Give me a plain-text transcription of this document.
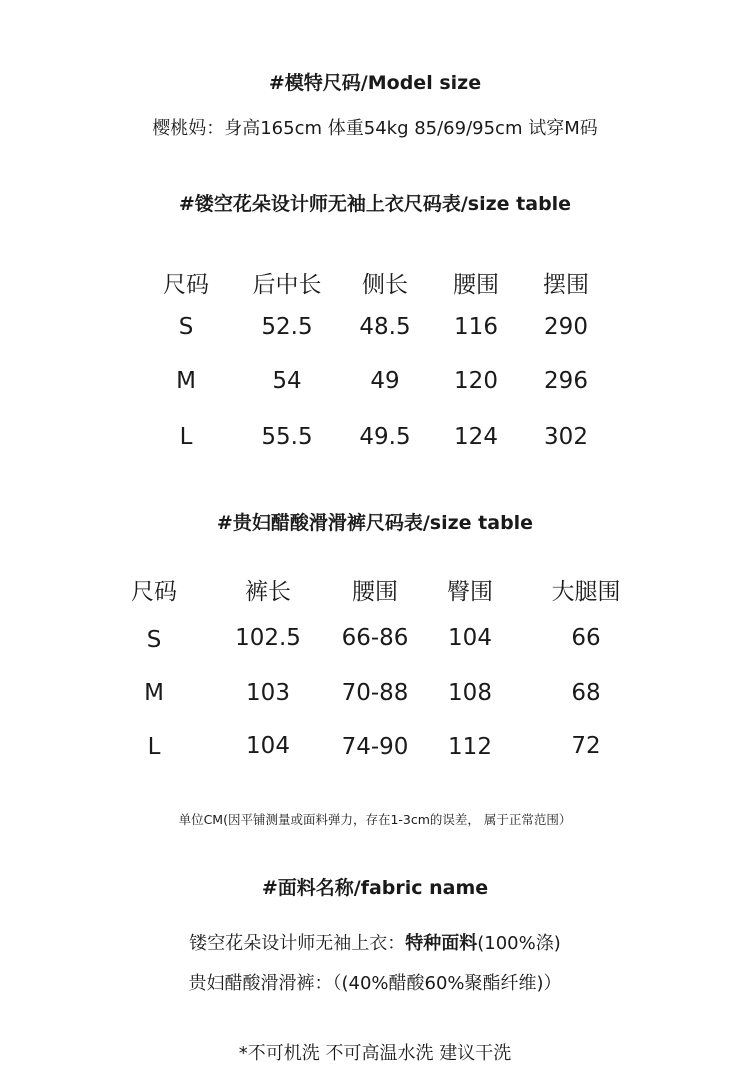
#模特尺码/Model size
樱桃妈：身高165cm 体重54kg 85/69/95cm 试穿M码
#镂空花朵设计师无袖上衣尺码表/size table
尺码 后中长 侧长 腰围 摆围
S	52.5 48.5 116 290
M	54	49 120 296
L	55.5 49.5 124 302
#贵妇醋酸滑滑裤尺码表/size table
尺码	裤长	腰围 臀围	大腿围
S	102.5 66-86 104	66
M	103 70-88 108	68
L	104 74-90 112	72
单位CM(因平铺测量或面料弹力，存在1-3cm的误差， 属于正常范围）
#面料名称/fabric name
镂空花朵设计师无袖上衣：特种面料(100%涤)
贵妇醋酸滑滑裤：（(40%醋酸60%聚酯纤维)）
*不可机洗 不可高温水洗 建议干洗
